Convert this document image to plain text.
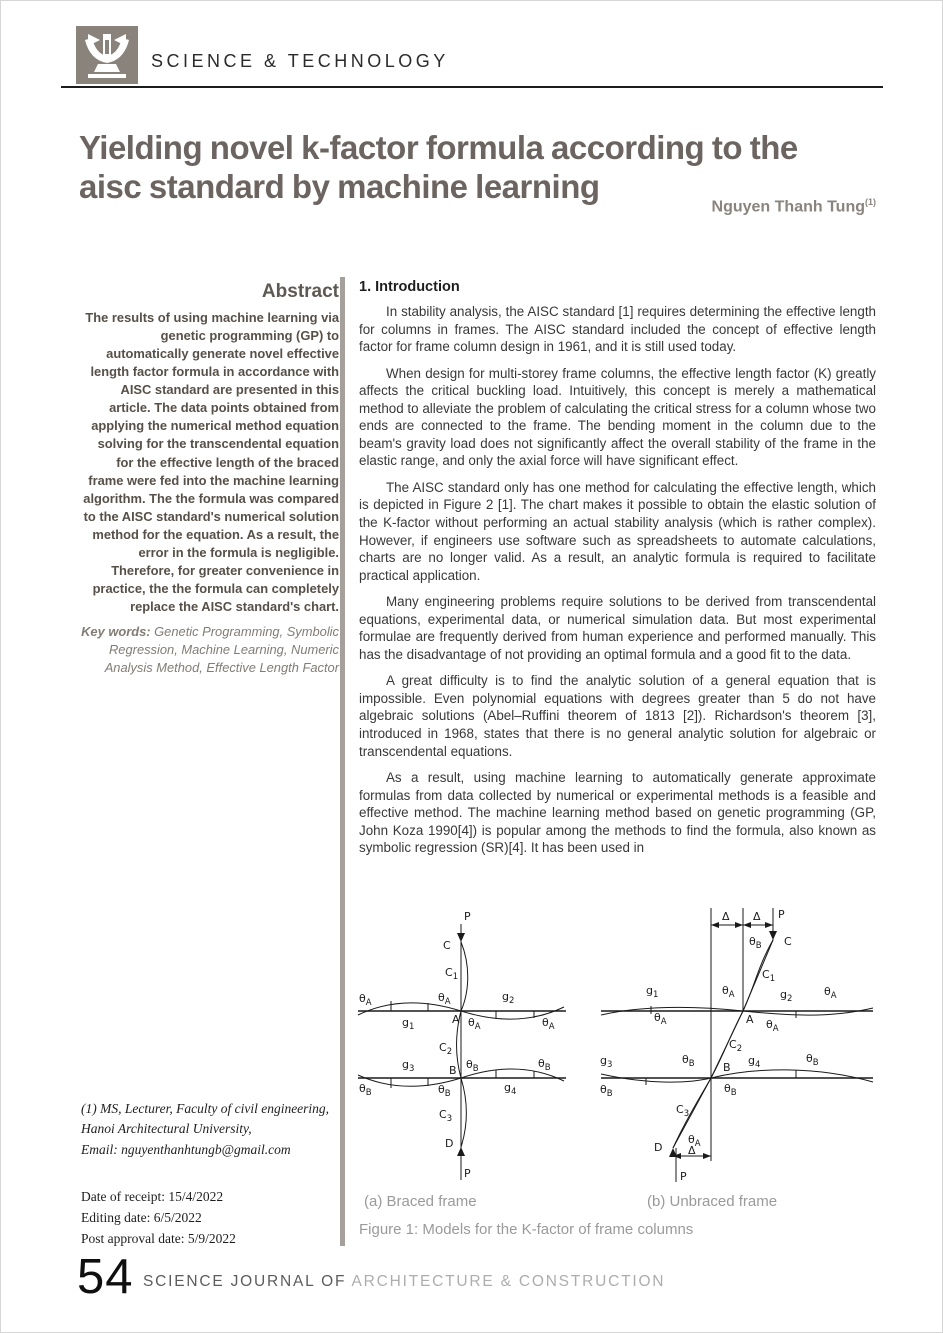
SCIENCE & TECHNOLOGY
Yielding novel k-factor formula according to the aisc standard by machine learning
Nguyen Thanh Tung$^{(1)}$
Abstract

The results of using machine learning via genetic programming (GP) to automatically generate novel effective length factor formula in accordance with AISC standard are presented in this article. The data points obtained from applying the numerical method equation solving for the transcendental equation for the effective length of the braced frame were fed into the machine learning algorithm. The the formula was compared to the AISC standard's numerical solution method for the equation. As a result, the error in the formula is negligible. Therefore, for greater convenience in practice, the the formula can completely replace the AISC standard's chart.

Key words: Genetic Programming, Symbolic Regression, Machine Learning, Numeric Analysis Method, Effective Length Factor

1. Introduction

In stability analysis, the AISC standard [1] requires determining the effective length for columns in frames. The AISC standard included the concept of effective length factor for frame column design in 1961, and it is still used today.

When design for multi-storey frame columns, the effective length factor (K) greatly affects the critical buckling load. Intuitively, this concept is merely a mathematical method to alleviate the problem of calculating the critical stress for a column whose two ends are connected to the frame. The bending moment in the column due to the beam's gravity load does not significantly affect the overall stability of the frame in the elastic range, and only the axial force will have significant effect.

The AISC standard only has one method for calculating the effective length, which is depicted in Figure 2 [1]. The chart makes it possible to obtain the elastic solution of the K-factor without performing an actual stability analysis (which is rather complex). However, if engineers use software such as spreadsheets to automate calculations, charts are no longer valid. As a result, an analytic formula is required to facilitate practical application.

Many engineering problems require solutions to be derived from transcendental equations, experimental data, or numerical simulation data. But most experimental formulae are frequently derived from human experience and performed manually. This has the disadvantage of not providing an optimal formula and a good fit to the data.

A great difficulty is to find the analytic solution of a general equation that is impossible. Even polynomial equations with degrees greater than 5 do not have algebraic solutions (Abel–Ruffini theorem of 1813 [2]). Richardson's theorem [3], introduced in 1968, states that there is no general analytic solution for algebraic or transcendental equations.

As a result, using machine learning to automatically generate approximate formulas from data collected by numerical or experimental methods is a feasible and effective method. The machine learning method based on genetic programming (GP, John Koza 1990[4]) is popular among the methods to find the formula, also known as symbolic regression (SR)[4]. It has been used in

P
C
$C_1$
$\theta_A$
$g_1$
$\theta_A$
A $\theta_A$
$g_2$
$\theta_A$
$C_2$
$g_3$	B $\theta_B$	$\theta_B$
$\theta_B$	$\theta_B$	$g_4$
$C_3$
D
P
Δ Δ P
$\theta_B$ C
$C_1$
$g_1$	$\theta_A$	$g_2$
$\theta_A$
$\theta_A$	A $\theta_A$
$C_2$
$g_3$	$\theta_B$	B
$g_4$	$\theta_B$
$\theta_B$	$\theta_B$
$C_3$
$\theta_A$
D Δ
P
(a) Braced frame	(b) Unbraced frame
Figure 1: Models for the K-factor of frame columns
(1) MS, Lecturer, Faculty of civil engineering,
Hanoi Architectural University,
Email: nguyenthanhtungb@gmail.com
Date of receipt: 15/4/2022
Editing date: 6/5/2022
Post approval date: 5/9/2022
54 SCIENCE JOURNAL OF ARCHITECTURE & CONSTRUCTION
